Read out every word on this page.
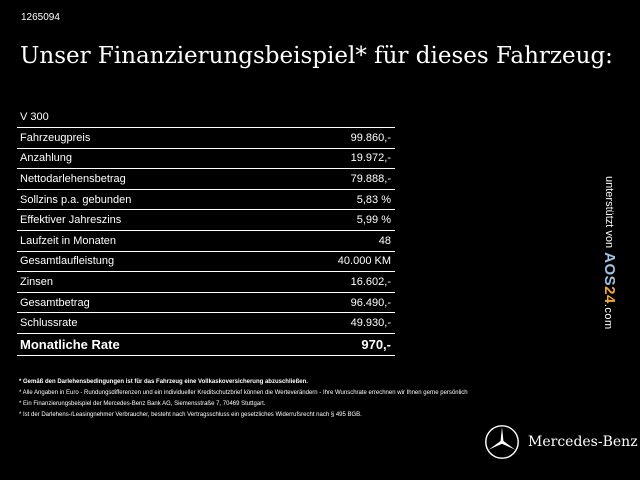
1265094
Unser Finanzierungsbeispiel* für dieses Fahrzeug:
V 300
Fahrzeugpreis	99.860,-
Anzahlung	19.972,-
Nettodarlehensbetrag	79.888,-
Sollzins p.a. gebunden	5,83 %
Effektiver Jahreszins	5,99 %
Laufzeit in Monaten	48
Gesamtlaufleistung	40.000 KM
Zinsen	16.602,-
Gesamtbetrag	96.490,-
Schlussrate	49.930,-
Monatliche Rate	970,-
* Gemäß den Darlehensbedingungen ist für das Fahrzeug eine Vollkaskoversicherung abzuschließen.
* Alle Angaben in Euro - Rundungsdifferenzen und ein individueller Kreditschutzbrief können die Werteverändern - Ihre Wunschrate errechnen wir Ihnen gerne persönlich
* Ein Finanzierungsbeispiel der Mercedes-Benz Bank AG, Siemensstraße 7, 70469 Stuttgart.
* Ist der Darlehens-/Leasingnehmer Verbraucher, besteht nach Vertragsschluss ein gesetzliches Widerrufsrecht nach § 495 BGB.
unterstützt von
AOS24.com
Mercedes-Benz
